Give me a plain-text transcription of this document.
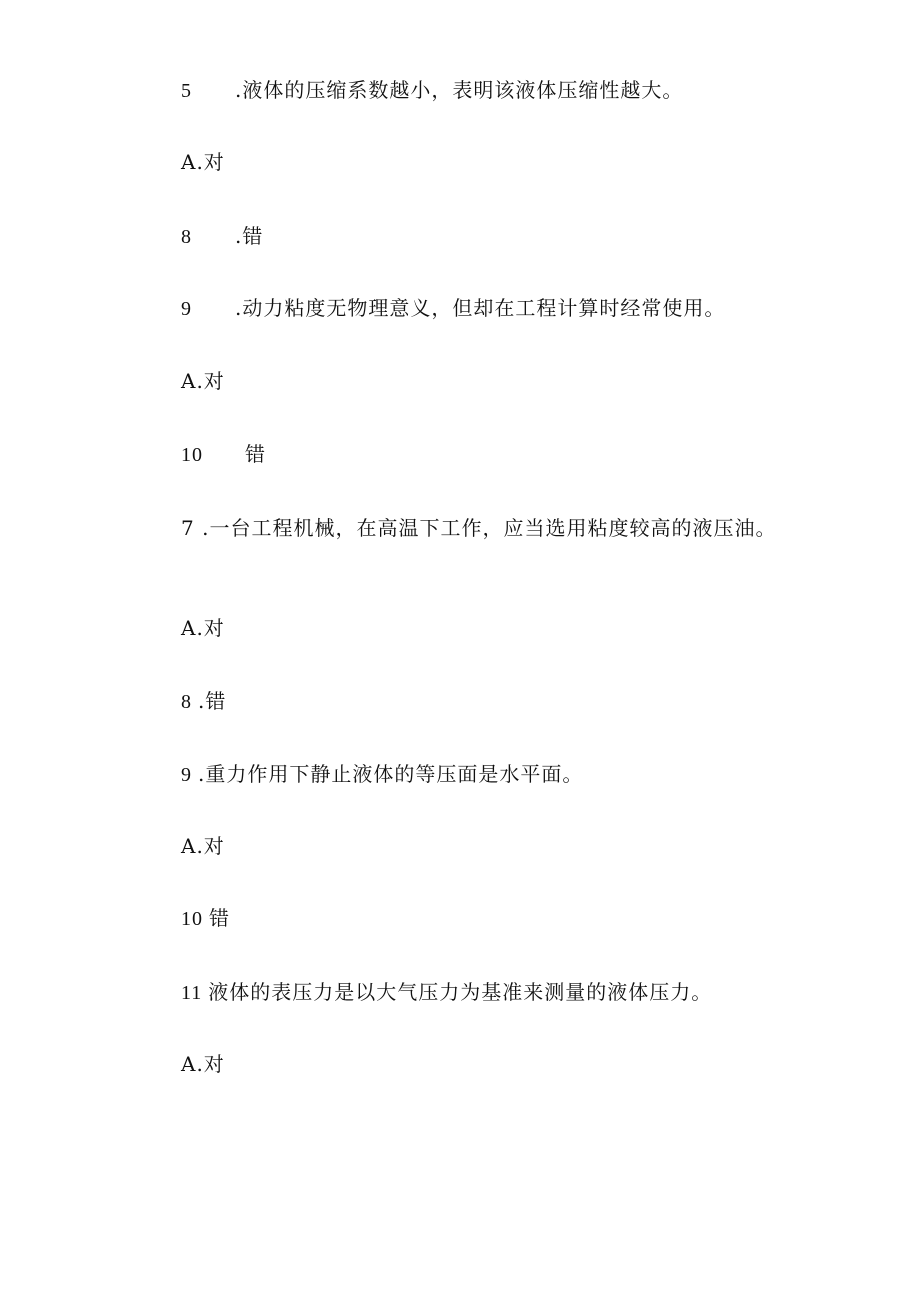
5 .液体的压缩系数越小，表明该液体压缩性越大。
A.对
8 .错
9 .动力粘度无物理意义，但却在工程计算时经常使用。
A.对
10 错
7 .一台工程机械，在高温下工作，应当选用粘度较高的液压油。
A.对
8 .错
9 .重力作用下静止液体的等压面是水平面。
A.对
10 错
11 液体的表压力是以大气压力为基准来测量的液体压力。
A.对
